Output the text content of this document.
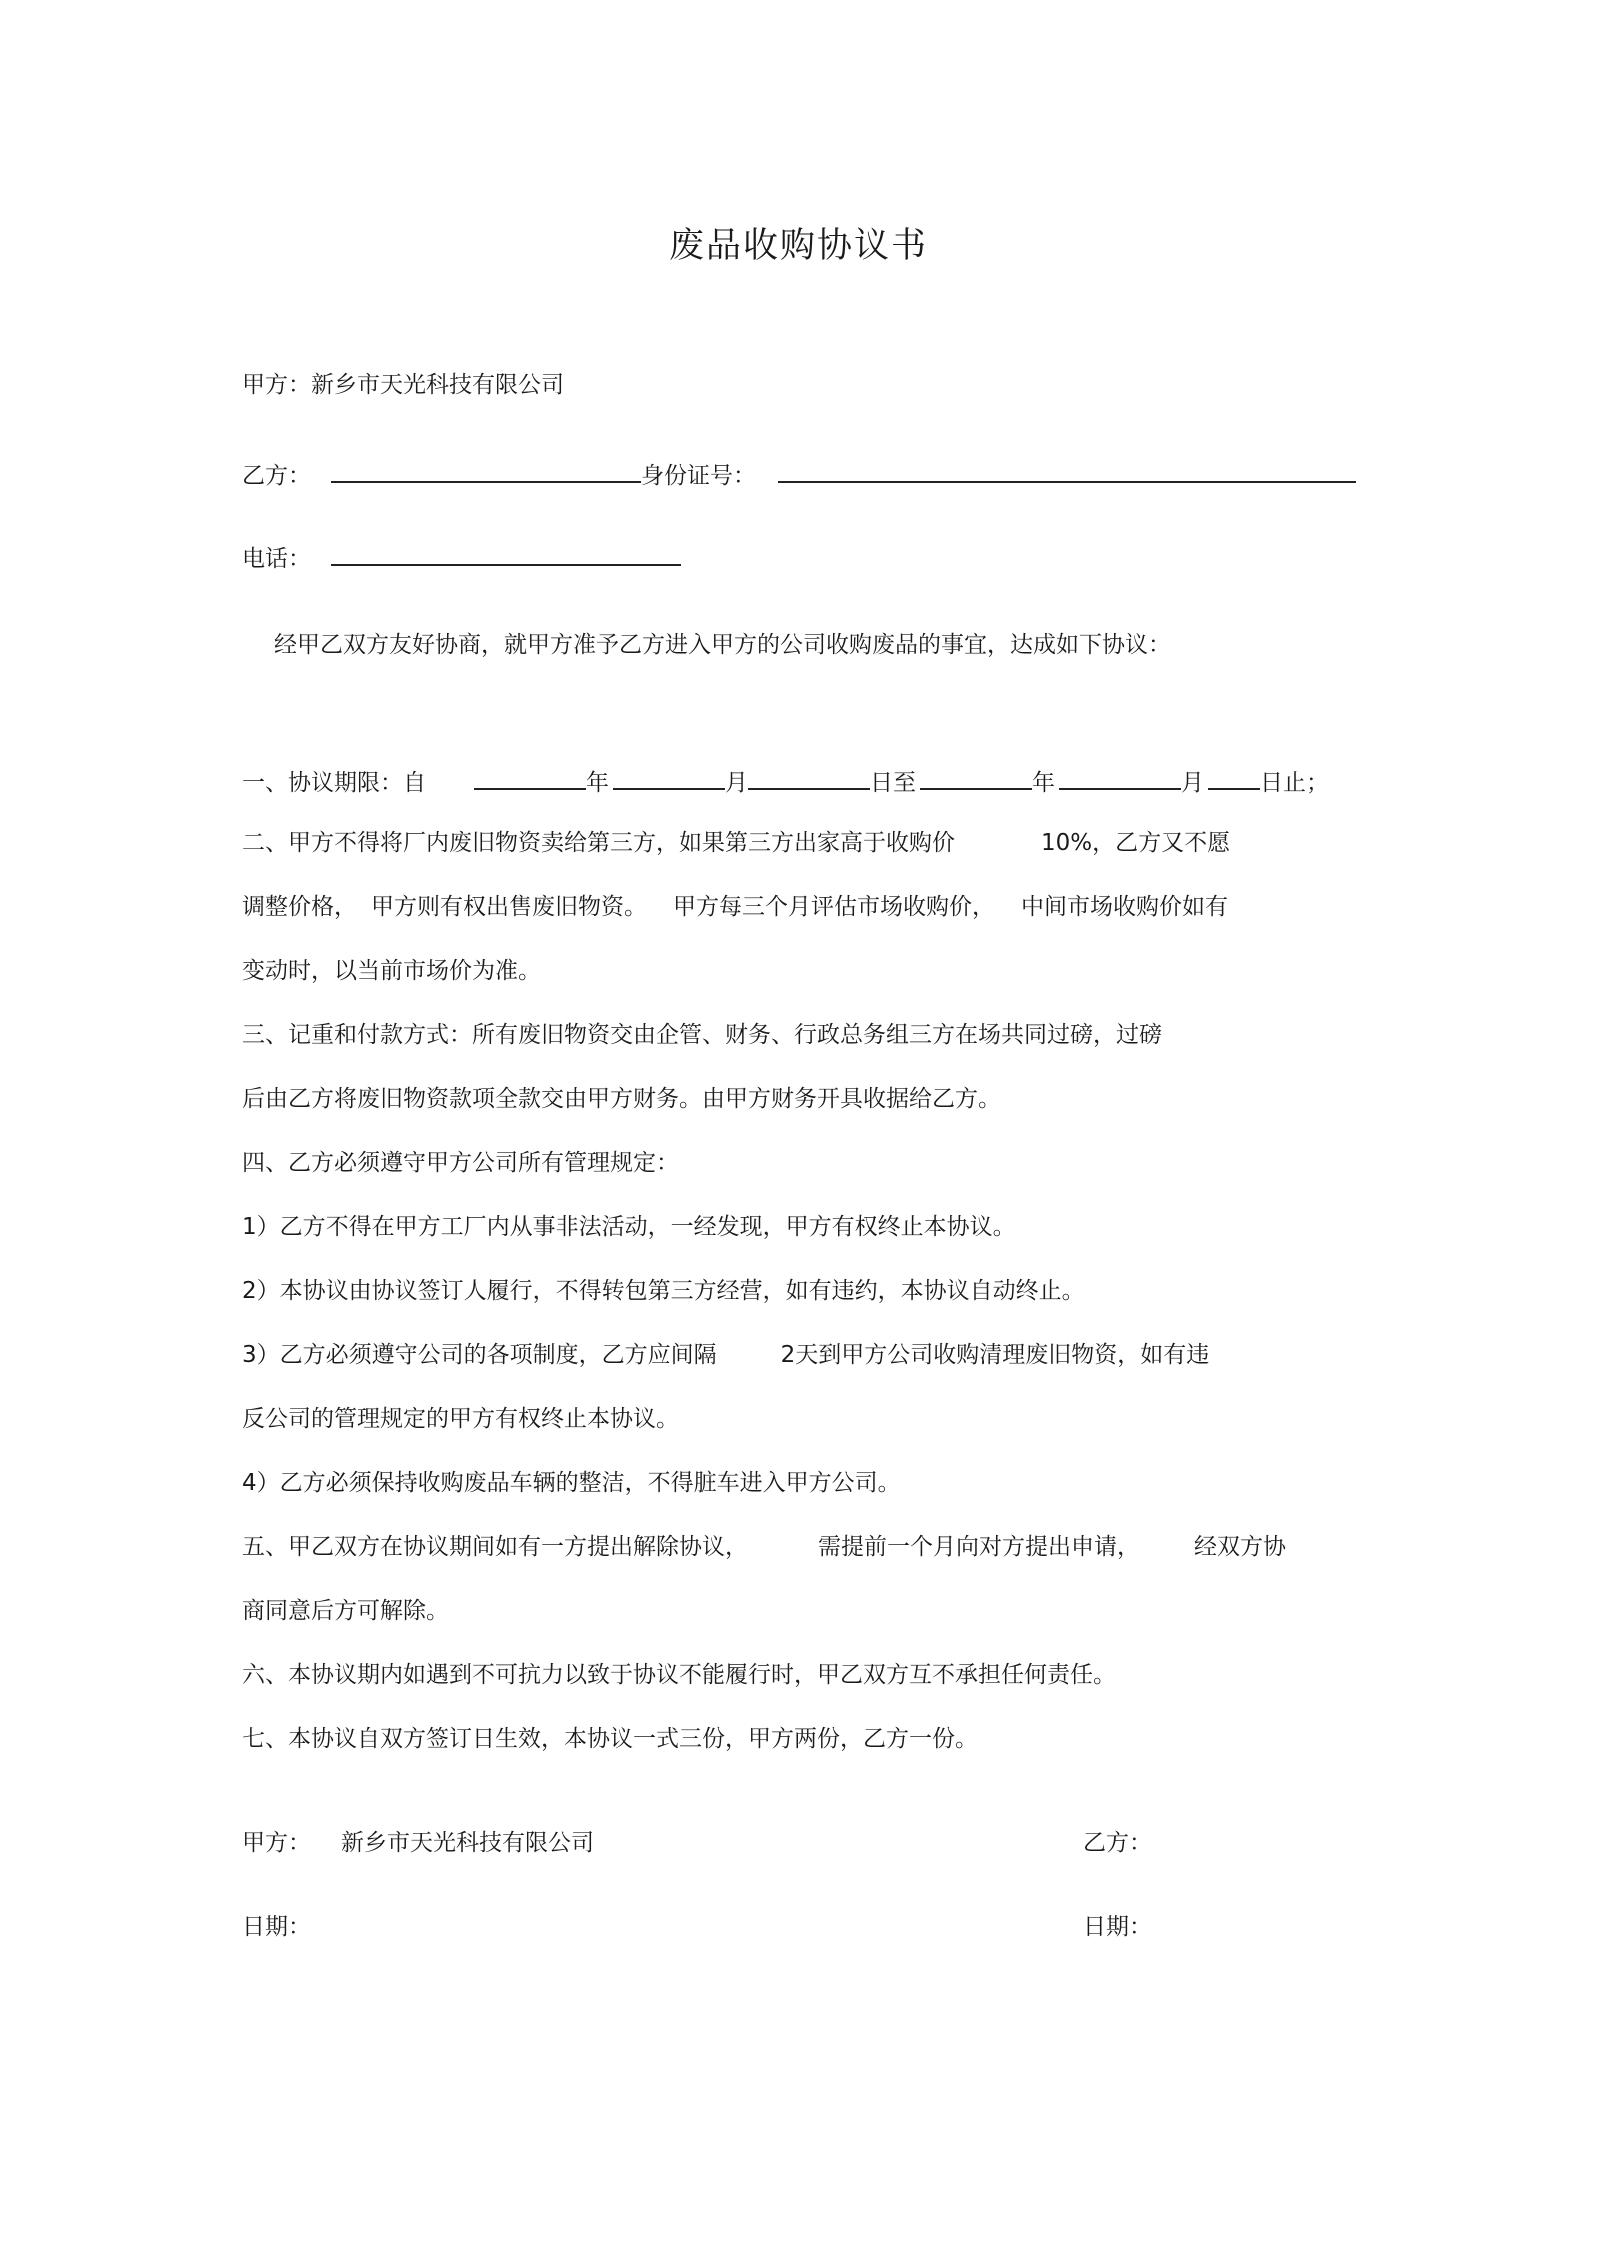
废品收购协议书
甲方：新乡市天光科技有限公司
乙方：	身份证号：
电话：
经甲乙双方友好协商，就甲方准予乙方进入甲方的公司收购废品的事宜，达成如下协议：
一、协议期限：自	年	月	日至	年	月 日止；
二、甲方不得将厂内废旧物资卖给第三方，如果第三方出家高于收购价	10%，乙方又不愿
调整价格， 甲方则有权出售废旧物资。 甲方每三个月评估市场收购价， 中间市场收购价如有
变动时，以当前市场价为准。
三、记重和付款方式：所有废旧物资交由企管、财务、行政总务组三方在场共同过磅，过磅
后由乙方将废旧物资款项全款交由甲方财务。由甲方财务开具收据给乙方。
四、乙方必须遵守甲方公司所有管理规定：
1）乙方不得在甲方工厂内从事非法活动，一经发现，甲方有权终止本协议。
2）本协议由协议签订人履行，不得转包第三方经营，如有违约，本协议自动终止。
3）乙方必须遵守公司的各项制度，乙方应间隔	2天到甲方公司收购清理废旧物资，如有违
反公司的管理规定的甲方有权终止本协议。
4）乙方必须保持收购废品车辆的整洁，不得脏车进入甲方公司。
五、甲乙双方在协议期间如有一方提出解除协议，	需提前一个月向对方提出申请， 经双方协
商同意后方可解除。
六、本协议期内如遇到不可抗力以致于协议不能履行时，甲乙双方互不承担任何责任。
七、本协议自双方签订日生效，本协议一式三份，甲方两份，乙方一份。
甲方： 新乡市天光科技有限公司	乙方：
日期：	日期：
